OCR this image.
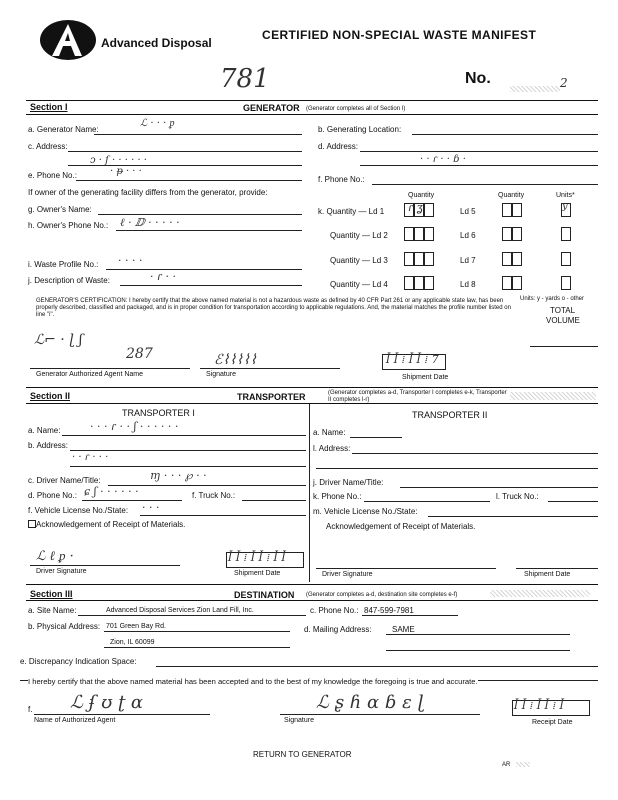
Advanced Disposal
CERTIFIED NON-SPECIAL WASTE MANIFEST
781	No.	2
Section I	GENERATOR (Generator completes all of Section I)
a. Generator Name:
ℒ · · · ᵱ
b. Generating Location:
c. Address:
ↄ · ſ · · · · · ·
d. Address:
· · ɾ · · ɓ ·
e. Phone No.:	· ᵽ · · ·
f. Phone No.:
If owner of the generating facility differs from the generator, provide:
g. Owner's Name:
h. Owner's Phone No.: ℓ · ⅅ · · · · ·
i. Waste Profile No.: · · · ·
j. Description of Waste:	· ɾ · ·
Quantity	Quantity	Units*
k. Quantity — Ld 1 ɾ ʓ	Ld 5	y
Quantity — Ld 2	Ld 6
Quantity — Ld 3	Ld 7
Quantity — Ld 4	Ld 8
Units: y - yards o - other
TOTAL
VOLUME
GENERATOR'S CERTIFICATION: I hereby certify that the above named material is not a hazardous waste as defined by 40 CFR Part 261 or any applicable state law, has been properly described, classified and packaged, and is in proper condition for transportation according to applicable regulations. And, the material matches the profile number listed on line "i".
ℒ⌐ · ɭ ʃ
287
Generator Authorized Agent Name
ℰ⌇⌇⌇⌇⌇
Signature
ꟾ ꟾ ⁞ ꟾ ꟾ ⁞ 7
Shipment Date
Section II	TRANSPORTER	(Generator completes a-d, Transporter I completes e-k, Transporter II completes l-r)
TRANSPORTER I	TRANSPORTER II
a. Name:	· · · ɾ · · ʃ · · · · · ·
b. Address:
· · ɾ · · ·
c. Driver Name/Title:	ɱ · · · ℘ · ·
d. Phone No.: ɕ ʃ · · · · · ·	f. Truck No.:
f. Vehicle License No./State: · · ·
Acknowledgement of Receipt of Materials.
ℒ ℓ ᵱ ·
Driver Signature
ꟾ ꟾ ⁞ ꟾ ꟾ ⁞ ꟾ ꟾ
Shipment Date
a. Name:
l. Address:
j. Driver Name/Title:
k. Phone No.:	l. Truck No.:
m. Vehicle License No./State:
Acknowledgement of Receipt of Materials.
Driver Signature	Shipment Date
Section III	DESTINATION (Generator completes a-d, destination site completes e-f)
a. Site Name:	Advanced Disposal Services Zion Land Fill, Inc.	c. Phone No.: 847-599-7981
b. Physical Address: 701 Green Bay Rd.
Zion, IL 60099
d. Mailing Address:	SAME
e. Discrepancy Indication Space:
I hereby certify that the above named material has been accepted and to the best of my knowledge the foregoing is true and accurate.
f. ℒ ʄ ʊ ʈ ɑ
Name of Authorized Agent
ℒ ʂ ɦ ɑ ɓ ɛ ɭ
Signature
ꟾ ꟾ ⁞ ꟾ ꟾ ⁞ ꟾ
Receipt Date
RETURN TO GENERATOR
AR
